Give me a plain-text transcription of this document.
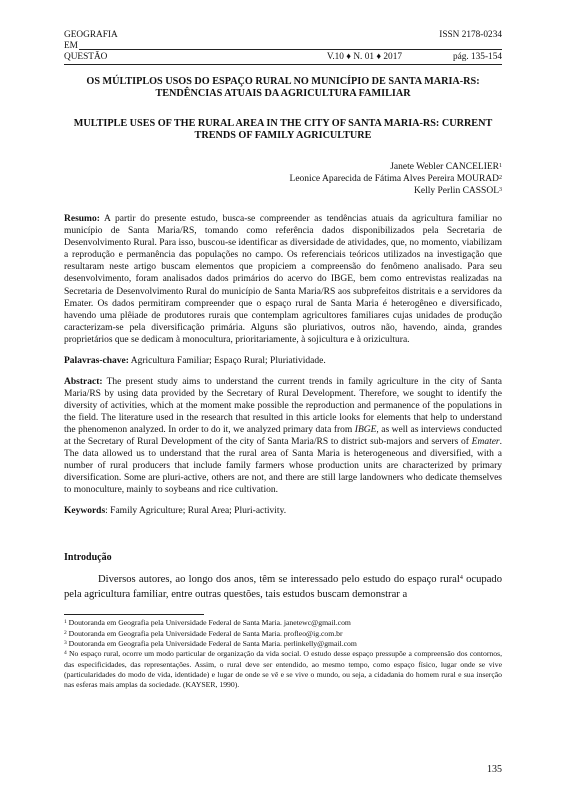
GEOGRAFIA	ISSN 2178-0234
EM
QUESTÃO	V.10 ♦ N. 01 ♦ 2017	pág. 135-154

OS MÚLTIPLOS USOS DO ESPAÇO RURAL NO MUNICÍPIO DE SANTA MARIA-RS: TENDÊNCIAS ATUAIS DA AGRICULTURA FAMILIAR

MULTIPLE USES OF THE RURAL AREA IN THE CITY OF SANTA MARIA-RS: CURRENT TRENDS OF FAMILY AGRICULTURE

Janete Webler CANCELIER$^1$
Leonice Aparecida de Fátima Alves Pereira MOURAD$^2$
Kelly Perlin CASSOL$^3$

Resumo: A partir do presente estudo, busca-se compreender as tendências atuais da agricultura familiar no município de Santa Maria/RS, tomando como referência dados disponibilizados pela Secretaria de Desenvolvimento Rural. Para isso, buscou-se identificar as diversidade de atividades, que, no momento, viabilizam a reprodução e permanência das populações no campo. Os referenciais teóricos utilizados na investigação que resultaram neste artigo buscam elementos que propiciem a compreensão do fenômeno analisado. Para seu desenvolvimento, foram analisados dados primários do acervo do IBGE, bem como entrevistas realizadas na Secretaria de Desenvolvimento Rural do município de Santa Maria/RS aos subprefeitos distritais e a servidores da Emater. Os dados permitiram compreender que o espaço rural de Santa Maria é heterogêneo e diversificado, havendo uma plêiade de produtores rurais que contemplam agricultores familiares cujas unidades de produção caracterizam-se pela diversificação primária. Alguns são pluriativos, outros não, havendo, ainda, grandes proprietários que se dedicam à monocultura, prioritariamente, à sojicultura e à orizicultura.

Palavras-chave: Agricultura Familiar; Espaço Rural; Pluriatividade.

Abstract: The present study aims to understand the current trends in family agriculture in the city of Santa Maria/RS by using data provided by the Secretary of Rural Development. Therefore, we sought to identify the diversity of activities, which at the moment make possible the reproduction and permanence of the populations in the field. The literature used in the research that resulted in this article looks for elements that help to understand the phenomenon analyzed. In order to do it, we analyzed primary data from IBGE, as well as interviews conducted at the Secretary of Rural Development of the city of Santa Maria/RS to district sub-majors and servers of Emater. The data allowed us to understand that the rural area of Santa Maria is heterogeneous and diversified, with a number of rural producers that include family farmers whose production units are characterized by primary diversification. Some are pluri-active, others are not, and there are still large landowners who dedicate themselves to monoculture, mainly to soybeans and rice cultivation.

Keywords: Family Agriculture; Rural Area; Pluri-activity.

Introdução

Diversos autores, ao longo dos anos, têm se interessado pelo estudo do espaço rural$^4$ ocupado pela agricultura familiar, entre outras questões, tais estudos buscam demonstrar a

$^1$ Doutoranda em Geografia pela Universidade Federal de Santa Maria. janetewc@gmail.com
$^2$ Doutoranda em Geografia pela Universidade Federal de Santa Maria. profleo@ig.com.br
$^3$ Doutoranda em Geografia pela Universidade Federal de Santa Maria. perlinkelly@gmail.com
$^4$ No espaço rural, ocorre um modo particular de organização da vida social. O estudo desse espaço pressupõe a compreensão dos contornos, das especificidades, das representações. Assim, o rural deve ser entendido, ao mesmo tempo, como espaço físico, lugar onde se vive (particularidades do modo de vida, identidade) e lugar de onde se vê e se vive o mundo, ou seja, a cidadania do homem rural e sua inserção nas esferas mais amplas da sociedade. (KAYSER, 1990).
135
